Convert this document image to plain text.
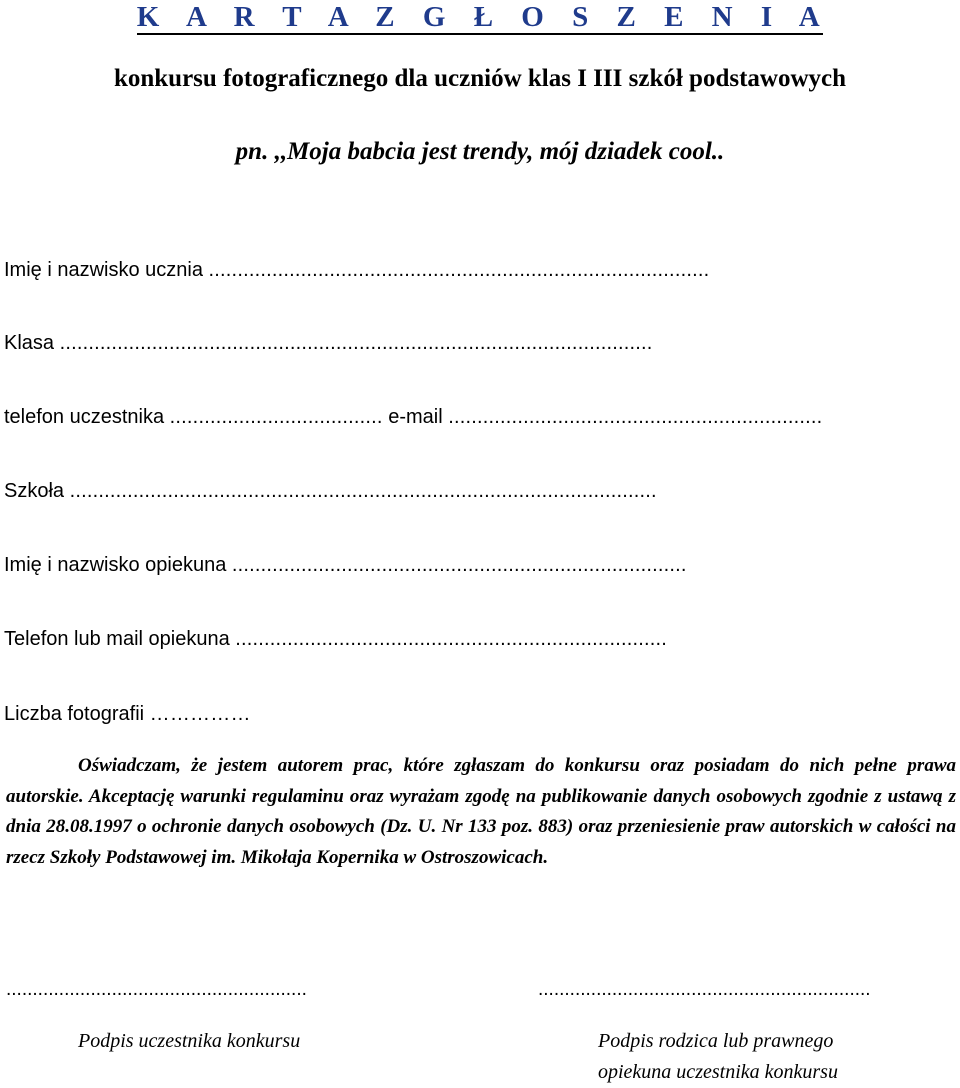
K A R T A Z G Ł O S Z E N I A

konkursu fotograficznego dla uczniów klas I III szkół podstawowych

pn. ,,Moja babcia jest trendy, mój dziadek cool..

Imię i nazwisko ucznia .......................................................................................
Klasa .......................................................................................................
telefon uczestnika ..................................... e-mail .................................................................
Szkoła ......................................................................................................
Imię i nazwisko opiekuna ...............................................................................
Telefon lub mail opiekuna ...........................................................................
Liczba fotografii ……………

Oświadczam, że jestem autorem prac, które zgłaszam do konkursu oraz posiadam do nich pełne prawa autorskie. Akceptację warunki regulaminu oraz wyrażam zgodę na publikowanie danych osobowych zgodnie z ustawą z dnia 28.08.1997 o ochronie danych osobowych (Dz. U. Nr 133 poz. 883) oraz przeniesienie praw autorskich w całości na rzecz Szkoły Podstawowej im. Mikołaja Kopernika w Ostroszowicach.

.........................................................	...............................................................
Podpis uczestnika konkursu	Podpis rodzica lub prawnego
opiekuna uczestnika konkursu
